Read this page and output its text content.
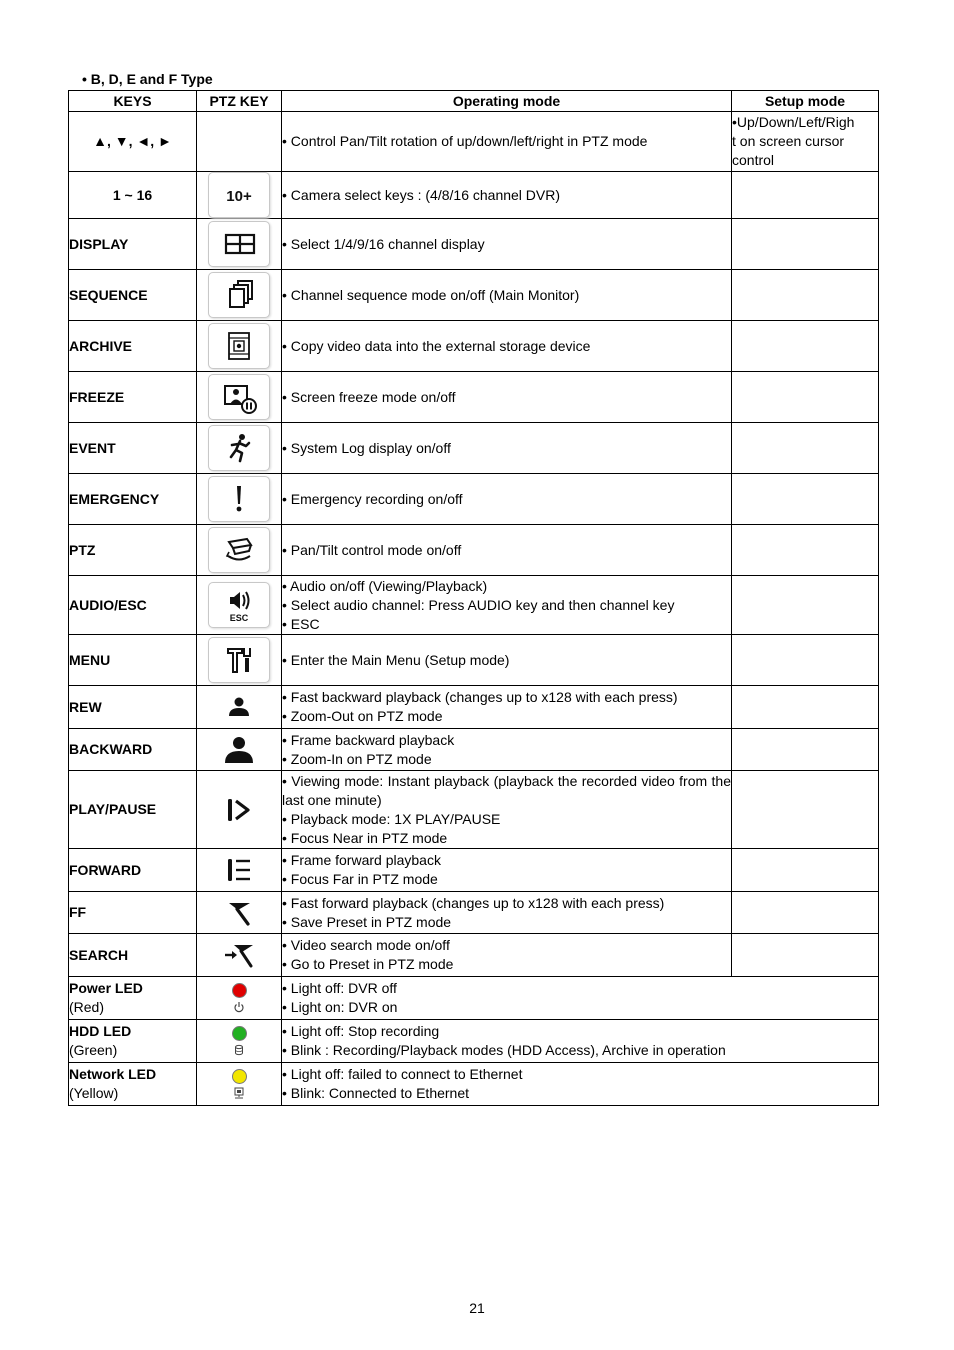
• B, D, E and F Type
KEYS	PTZ KEY	Operating mode	Setup mode
▲, ▼, ◄, ►		• Control Pan/Tilt rotation of up/down/left/right in PTZ mode	•Up/Down/Left/Righ
t on screen cursor
control

1 ~ 16	10+	• Camera select keys : (4/8/16 channel DVR)	

DISPLAY		• Select 1/4/9/16 channel display	

SEQUENCE		• Channel sequence mode on/off (Main Monitor)	

ARCHIVE		• Copy video data into the external storage device	

FREEZE		• Screen freeze mode on/off	

EVENT		• System Log display on/off	

EMERGENCY		• Emergency recording on/off	

PTZ		• Pan/Tilt control mode on/off	

AUDIO/ESC	ESC	• Audio on/off (Viewing/Playback)
• Select audio channel: Press AUDIO key and then channel key
• ESC	

MENU		• Enter the Main Menu (Setup mode)	

REW		• Fast backward playback (changes up to x128 with each press)
• Zoom-Out on PTZ mode	

BACKWARD		• Frame backward playback
• Zoom-In on PTZ mode	

PLAY/PAUSE		• Viewing mode: Instant playback (playback the recorded video from the last one minute)
• Playback mode: 1X PLAY/PAUSE
• Focus Near in PTZ mode	

FORWARD		• Frame forward playback
• Focus Far in PTZ mode	

FF		• Fast forward playback (changes up to x128 with each press)
• Save Preset in PTZ mode	

SEARCH		• Video search mode on/off
• Go to Preset in PTZ mode	

Power LED
(Red)		• Light off: DVR off
• Light on: DVR on	

HDD LED
(Green)		• Light off: Stop recording
• Blink : Recording/Playback modes (HDD Access), Archive in operation	

Network LED
(Yellow)		• Light off: failed to connect to Ethernet
• Blink: Connected to Ethernet	
21
